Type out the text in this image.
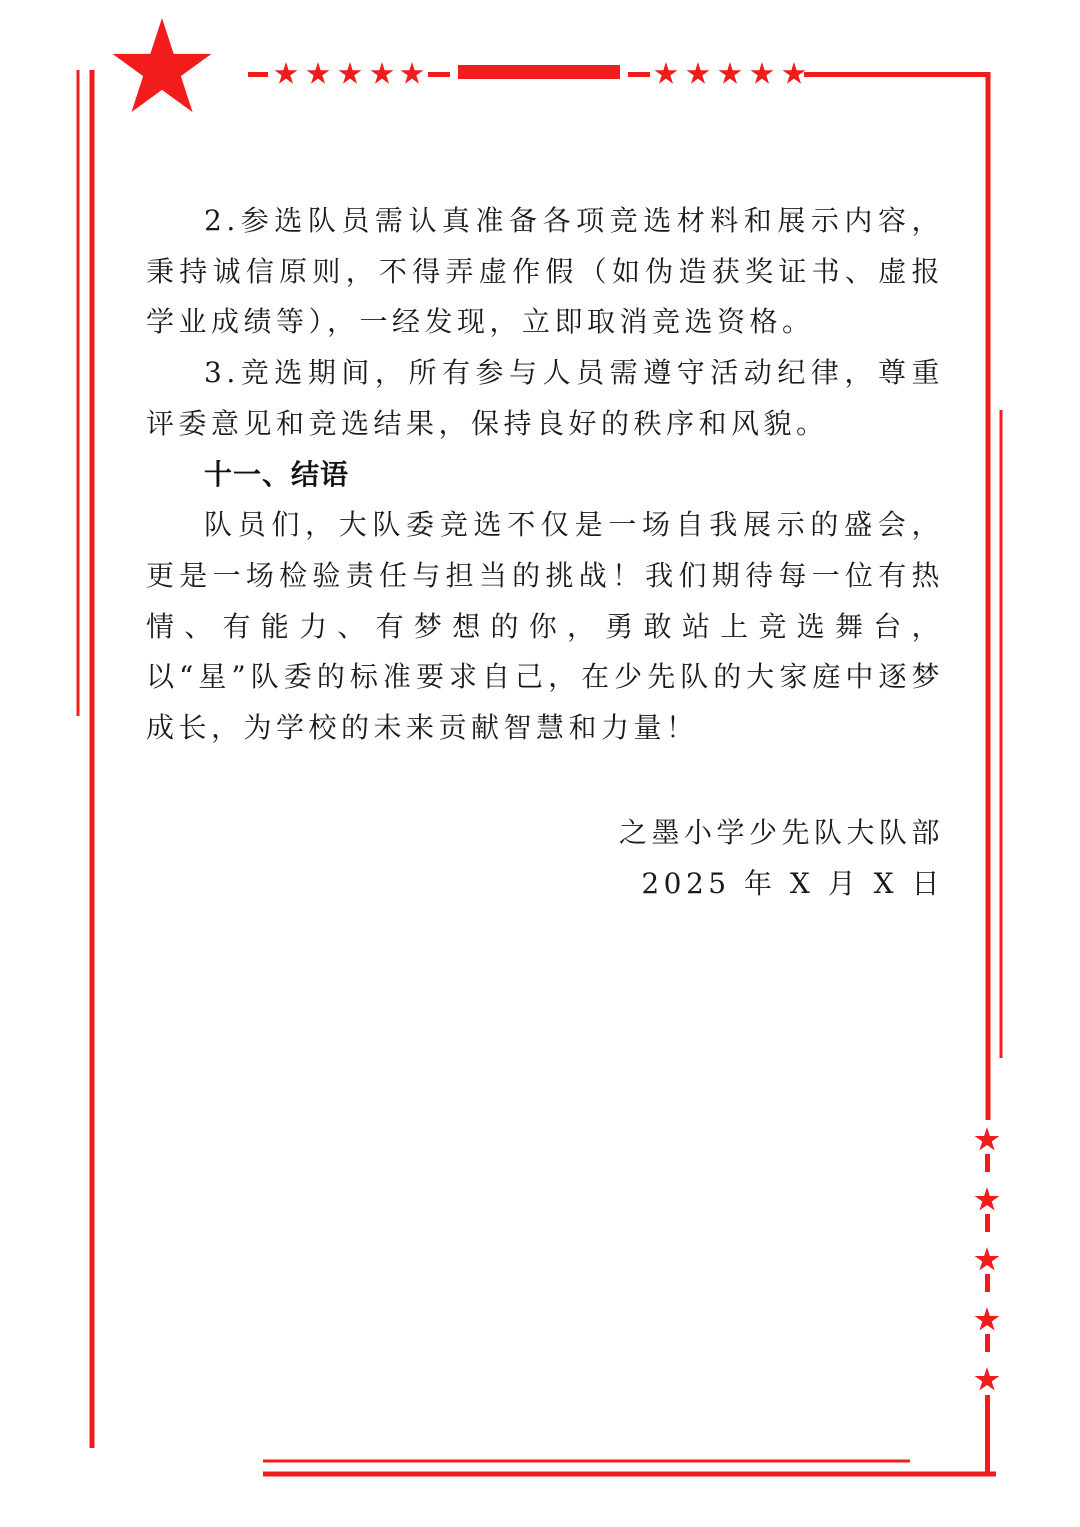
2.参选队员需认真准备各项竞选材料和展示内容，秉持诚信原则，不得弄虚作假（如伪造获奖证书、虚报学业成绩等），一经发现，立即取消竞选资格。

3.竞选期间，所有参与人员需遵守活动纪律，尊重评委意见和竞选结果，保持良好的秩序和风貌。

十一、结语

队员们，大队委竞选不仅是一场自我展示的盛会，更是一场检验责任与担当的挑战！我们期待每一位有热情、有能力、有梦想的你，勇敢站上竞选舞台，以“星”队委的标准要求自己，在少先队的大家庭中逐梦成长，为学校的未来贡献智慧和力量！

之墨小学少先队大队部
2025 年 X 月 X 日
